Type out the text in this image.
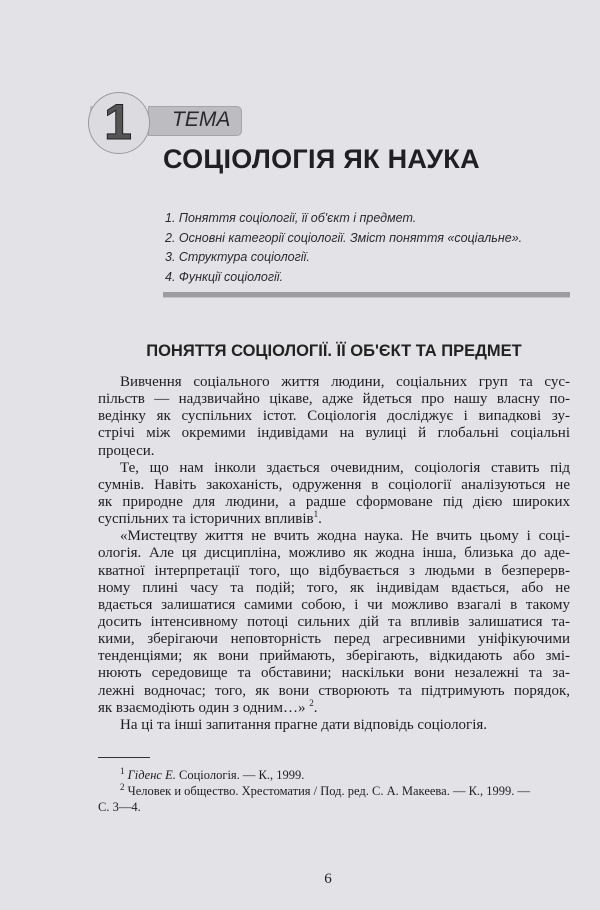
1 ТЕМА
СОЦІОЛОГІЯ ЯК НАУКА
1. Поняття соціології, її об'єкт і предмет.
2. Основні категорії соціології. Зміст поняття «соціальне».
3. Структура соціології.
4. Функції соціології.
ПОНЯТТЯ СОЦІОЛОГІЇ. ЇЇ ОБ'ЄКТ ТА ПРЕДМЕТ
Вивчення соціального життя людини, соціальних груп та сус-
пільств — надзвичайно цікаве, адже йдеться про нашу власну по-
ведінку як суспільних істот. Соціологія досліджує і випадкові зу-
стрічі між окремими індивідами на вулиці й глобальні соціальні
процеси.
Те, що нам інколи здається очевидним, соціологія ставить під
сумнів. Навіть закоханість, одруження в соціології аналізуються не
як природне для людини, а радше сформоване під дією широких
суспільних та історичних впливів$^1$.
«Мистецтву життя не вчить жодна наука. Не вчить цьому і соці-
ологія. Але ця дисципліна, можливо як жодна інша, близька до аде-
кватної інтерпретації того, що відбувається з людьми в безперерв-
ному плині часу та подій; того, як індивідам вдається, або не
вдається залишатися самими собою, і чи можливо взагалі в такому
досить інтенсивному потоці сильних дій та впливів залишатися та-
кими, зберігаючи неповторність перед агресивними уніфікуючими
тенденціями; як вони приймають, зберігають, відкидають або змі-
нюють середовище та обставини; наскільки вони незалежні та за-
лежні водночас; того, як вони створюють та підтримують порядок,
як взаємодіють один з одним…» $^2$.
На ці та інші запитання прагне дати відповідь соціологія.
$^1$ Гіденс Е. Соціологія. — К., 1999.
$^2$ Человек и общество. Хрестоматия / Под. ред. С. А. Макеева. — К., 1999. —
С. 3—4.
6
